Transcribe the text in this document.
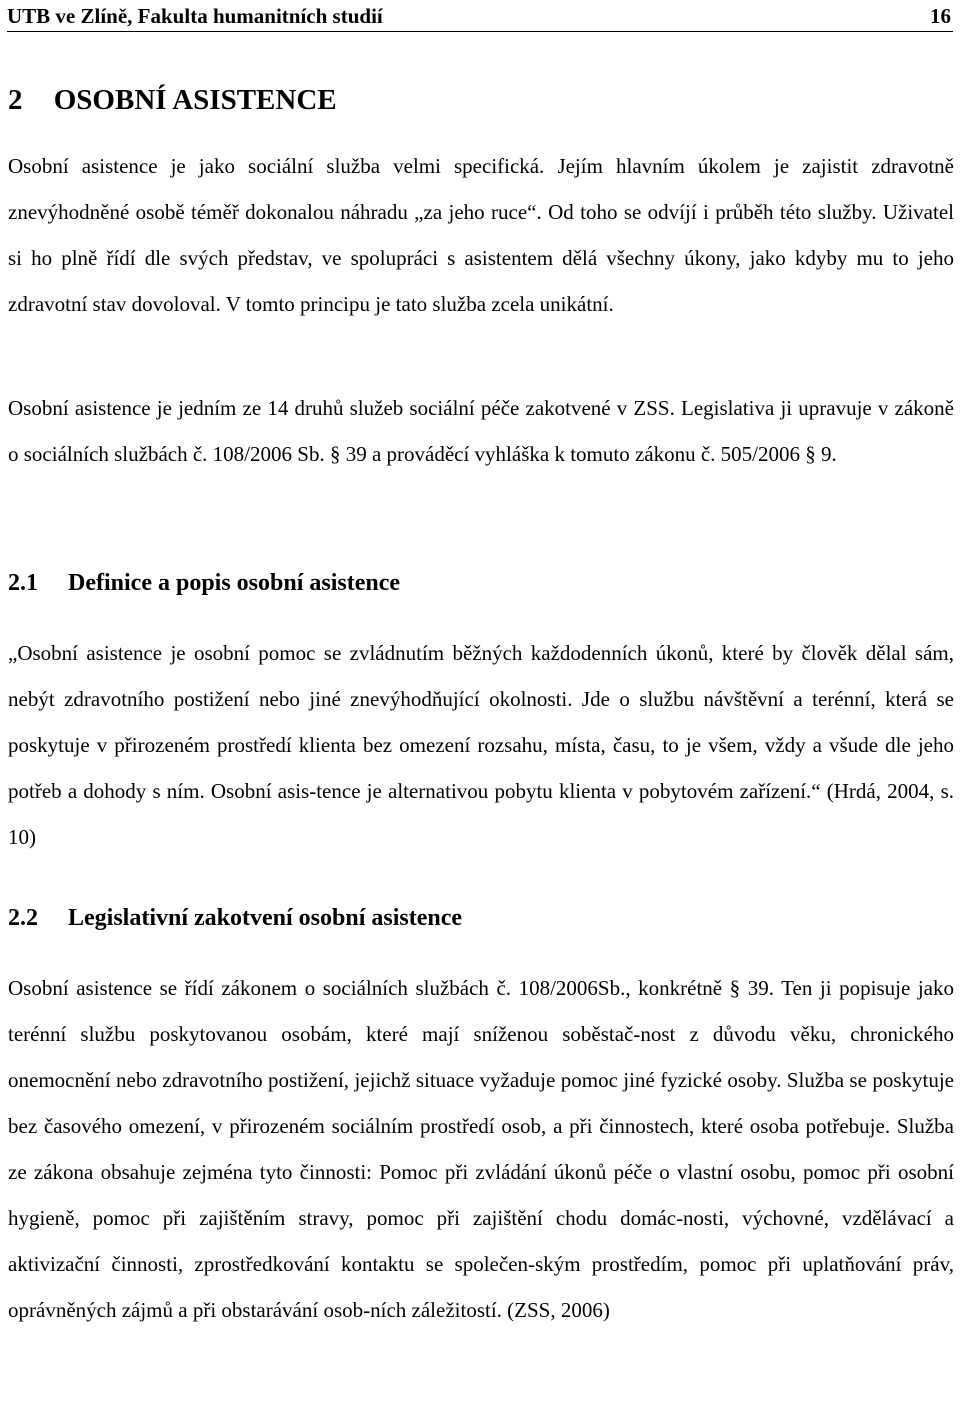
UTB ve Zlíně, Fakulta humanitních studií	16
2 OSOBNÍ ASISTENCE

Osobní asistence je jako sociální služba velmi specifická. Jejím hlavním úkolem je zajistit zdravotně znevýhodněné osobě téměř dokonalou náhradu „za jeho ruce“. Od toho se odvíjí i průběh této služby. Uživatel si ho plně řídí dle svých představ, ve spolupráci s asistentem dělá všechny úkony, jako kdyby mu to jeho zdravotní stav dovoloval. V tomto principu je tato služba zcela unikátní.

Osobní asistence je jedním ze 14 druhů služeb sociální péče zakotvené v ZSS. Legislativa ji upravuje v zákoně o sociálních službách č. 108/2006 Sb. § 39 a prováděcí vyhláška k tomuto zákonu č. 505/2006 § 9.

2.1 Definice a popis osobní asistence

„Osobní asistence je osobní pomoc se zvládnutím běžných každodenních úkonů, které by člověk dělal sám, nebýt zdravotního postižení nebo jiné znevýhodňující okolnosti. Jde o službu návštěvní a terénní, která se poskytuje v přirozeném prostředí klienta bez omezení rozsahu, místa, času, to je všem, vždy a všude dle jeho potřeb a dohody s ním. Osobní asis-tence je alternativou pobytu klienta v pobytovém zařízení.“ (Hrdá, 2004, s. 10)

2.2 Legislativní zakotvení osobní asistence

Osobní asistence se řídí zákonem o sociálních službách č. 108/2006Sb., konkrétně § 39. Ten ji popisuje jako terénní službu poskytovanou osobám, které mají sníženou soběstač-nost z důvodu věku, chronického onemocnění nebo zdravotního postižení, jejichž situace vyžaduje pomoc jiné fyzické osoby. Služba se poskytuje bez časového omezení, v přirozeném sociálním prostředí osob, a při činnostech, které osoba potřebuje. Služba ze zákona obsahuje zejména tyto činnosti: Pomoc při zvládání úkonů péče o vlastní osobu, pomoc při osobní hygieně, pomoc při zajištěním stravy, pomoc při zajištění chodu domác-nosti, výchovné, vzdělávací a aktivizační činnosti, zprostředkování kontaktu se společen-ským prostředím, pomoc při uplatňování práv, oprávněných zájmů a při obstarávání osob-ních záležitostí. (ZSS, 2006)
